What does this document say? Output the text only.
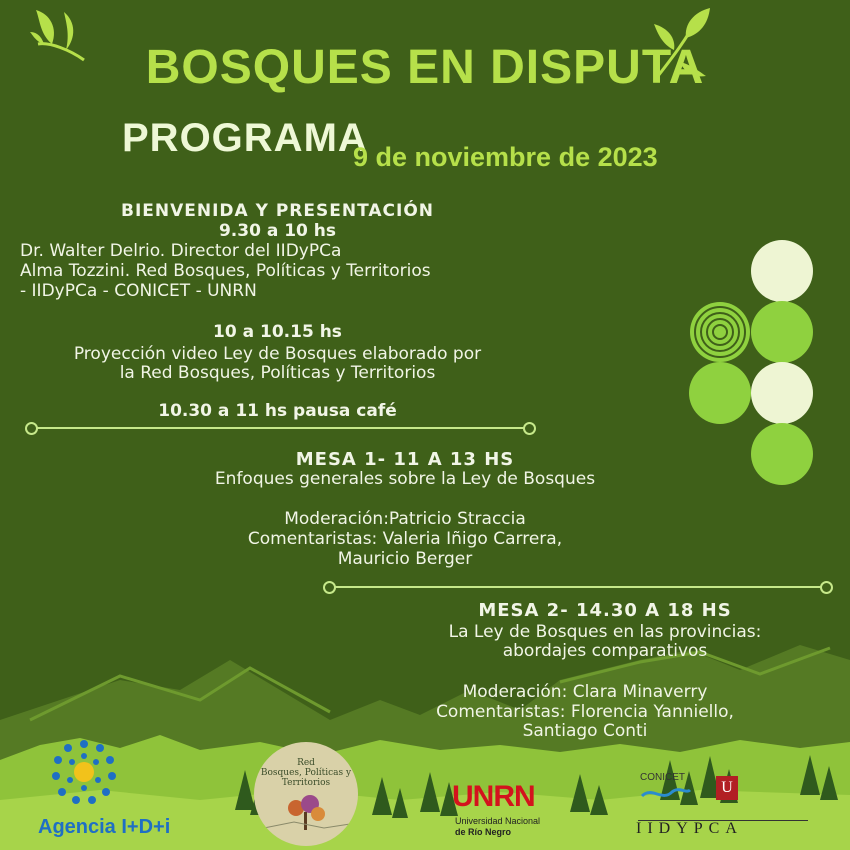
BOSQUES EN DISPUTA
PROGRAMA
9 de noviembre de 2023
BIENVENIDA Y PRESENTACIÓN
9.30 a 10 hs
Dr. Walter Delrio. Director del IIDyPCa
Alma Tozzini. Red Bosques, Políticas y Territorios
- IIDyPCa - CONICET - UNRN
10 a 10.15 hs
Proyección video Ley de Bosques elaborado por
la Red Bosques, Políticas y Territorios
10.30 a 11 hs pausa café
MESA 1- 11 A 13 HS
Enfoques generales sobre la Ley de Bosques
Moderación:Patricio Straccia
Comentaristas: Valeria Iñigo Carrera,
Mauricio Berger
MESA 2- 14.30 A 18 HS
La Ley de Bosques en las provincias:
abordajes comparativos
Moderación: Clara Minaverry
Comentaristas: Florencia Yanniello,
Santiago Conti
Agencia I+D+i
Red
Bosques, Políticas y
Territorios	UNRN
Universidad Nacional
de Río Negro
CONICET
U
IIDYPCA
